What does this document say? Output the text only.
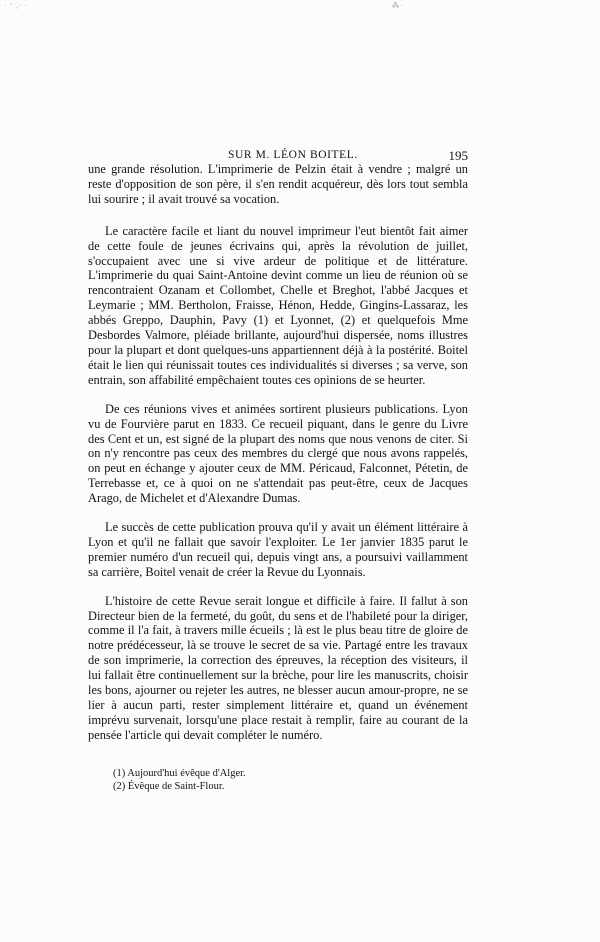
· ‘ ,· ·	⁂·
SUR M. LÉON BOITEL.	195

une grande résolution. L'imprimerie de Pelzin était à vendre ; malgré un reste d'opposition de son père, il s'en rendit acquéreur, dès lors tout sembla lui sourire ; il avait trouvé sa vocation.

Le caractère facile et liant du nouvel imprimeur l'eut bientôt fait aimer de cette foule de jeunes écrivains qui, après la révolution de juillet, s'occupaient avec une si vive ardeur de politique et de littérature. L'imprimerie du quai Saint-Antoine devint comme un lieu de réunion où se rencontraient Ozanam et Collombet, Chelle et Breghot, l'abbé Jacques et Leymarie ; MM. Bertholon, Fraisse, Hénon, Hedde, Gingins-Lassaraz, les abbés Greppo, Dauphin, Pavy (1) et Lyonnet, (2) et quelquefois Mme Desbordes Valmore, pléiade brillante, aujourd'hui dispersée, noms illustres pour la plupart et dont quelques-uns appartiennent déjà à la postérité. Boitel était le lien qui réunissait toutes ces individualités si diverses ; sa verve, son entrain, son affabilité empêchaient toutes ces opinions de se heurter.

De ces réunions vives et animées sortirent plusieurs publications. Lyon vu de Fourvière parut en 1833. Ce recueil piquant, dans le genre du Livre des Cent et un, est signé de la plupart des noms que nous venons de citer. Si on n'y rencontre pas ceux des membres du clergé que nous avons rappelés, on peut en échange y ajouter ceux de MM. Péricaud, Falconnet, Pétetin, de Terrebasse et, ce à quoi on ne s'attendait pas peut-être, ceux de Jacques Arago, de Michelet et d'Alexandre Dumas.

Le succès de cette publication prouva qu'il y avait un élément littéraire à Lyon et qu'il ne fallait que savoir l'exploiter. Le 1er janvier 1835 parut le premier numéro d'un recueil qui, depuis vingt ans, a poursuivi vaillamment sa carrière, Boitel venait de créer la Revue du Lyonnais.

L'histoire de cette Revue serait longue et difficile à faire. Il fallut à son Directeur bien de la fermeté, du goût, du sens et de l'habileté pour la diriger, comme il l'a fait, à travers mille écueils ; là est le plus beau titre de gloire de notre prédécesseur, là se trouve le secret de sa vie. Partagé entre les travaux de son imprimerie, la correction des épreuves, la réception des visiteurs, il lui fallait être continuellement sur la brèche, pour lire les manuscrits, choisir les bons, ajourner ou rejeter les autres, ne blesser aucun amour-propre, ne se lier à aucun parti, rester simplement littéraire et, quand un événement imprévu survenait, lorsqu'une place restait à remplir, faire au courant de la pensée l'article qui devait compléter le numéro.

(1) Aujourd'hui évêque d'Alger.
(2) Évêque de Saint-Flour.
